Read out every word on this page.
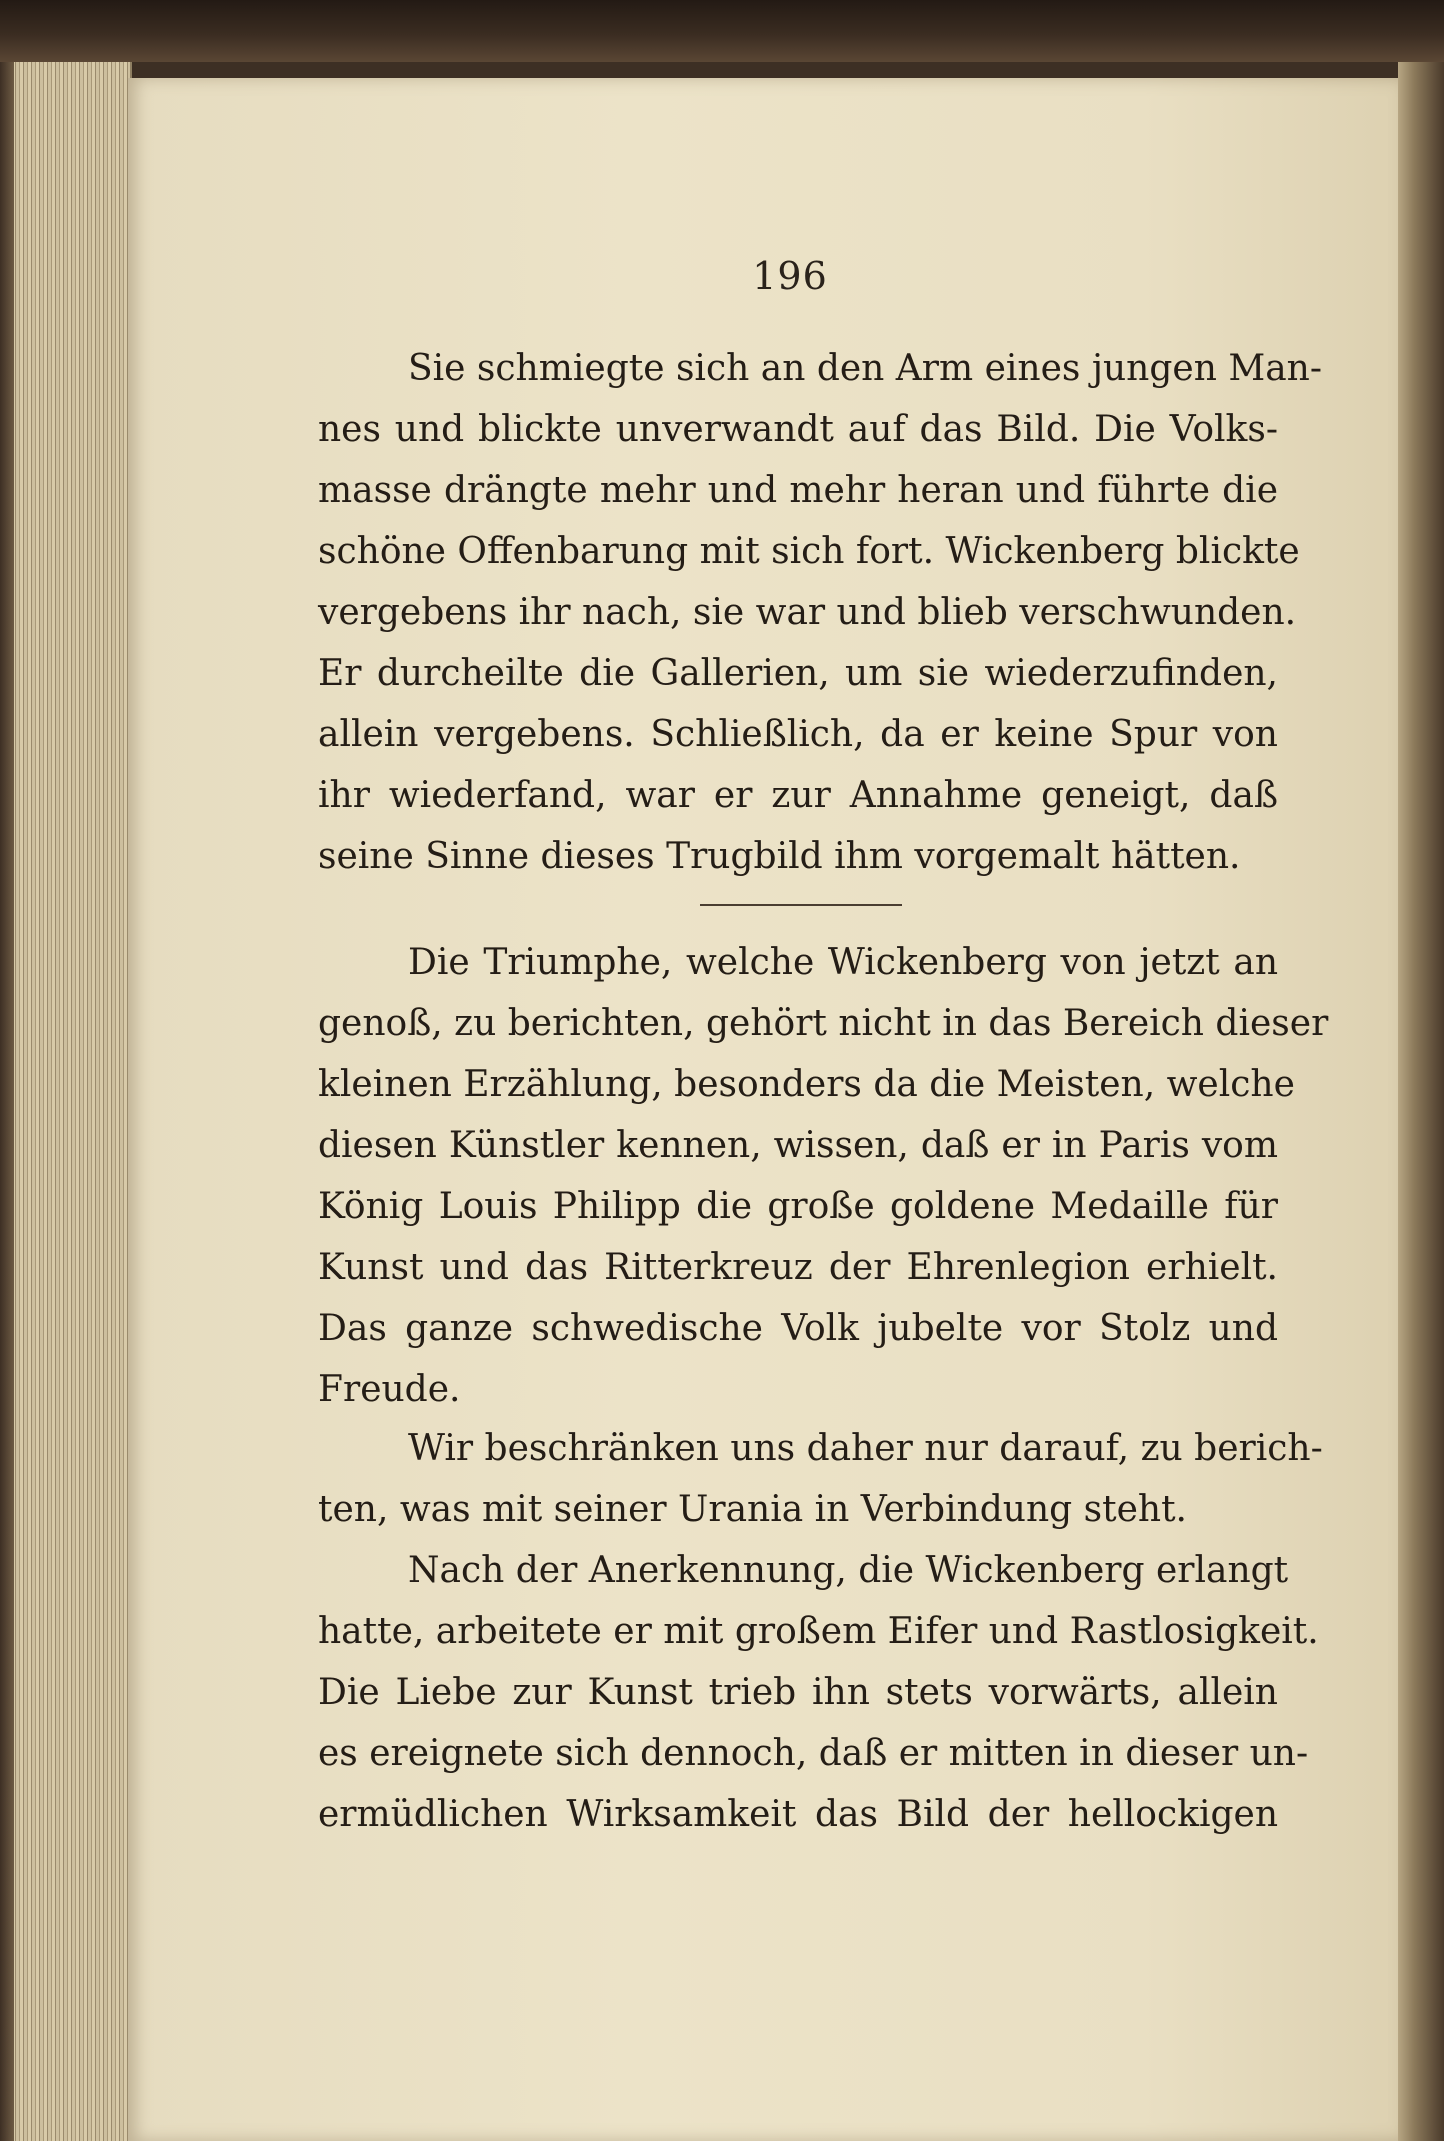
196
Sie schmiegte sich an den Arm eines jungen Man-
nes und blickte unverwandt auf das Bild. Die Volks-
masse drängte mehr und mehr heran und führte die
schöne Offenbarung mit sich fort. Wickenberg blickte
vergebens ihr nach, sie war und blieb verschwunden.
Er durcheilte die Gallerien, um sie wiederzufinden,
allein vergebens. Schließlich, da er keine Spur von
ihr wiederfand, war er zur Annahme geneigt, daß
seine Sinne dieses Trugbild ihm vorgemalt hätten.
Die Triumphe, welche Wickenberg von jetzt an
genoß, zu berichten, gehört nicht in das Bereich dieser
kleinen Erzählung, besonders da die Meisten, welche
diesen Künstler kennen, wissen, daß er in Paris vom
König Louis Philipp die große goldene Medaille für
Kunst und das Ritterkreuz der Ehrenlegion erhielt.
Das ganze schwedische Volk jubelte vor Stolz und
Freude.
Wir beschränken uns daher nur darauf, zu berich-
ten, was mit seiner Urania in Verbindung steht.
Nach der Anerkennung, die Wickenberg erlangt
hatte, arbeitete er mit großem Eifer und Rastlosigkeit.
Die Liebe zur Kunst trieb ihn stets vorwärts, allein
es ereignete sich dennoch, daß er mitten in dieser un-
ermüdlichen Wirksamkeit das Bild der hellockigen
